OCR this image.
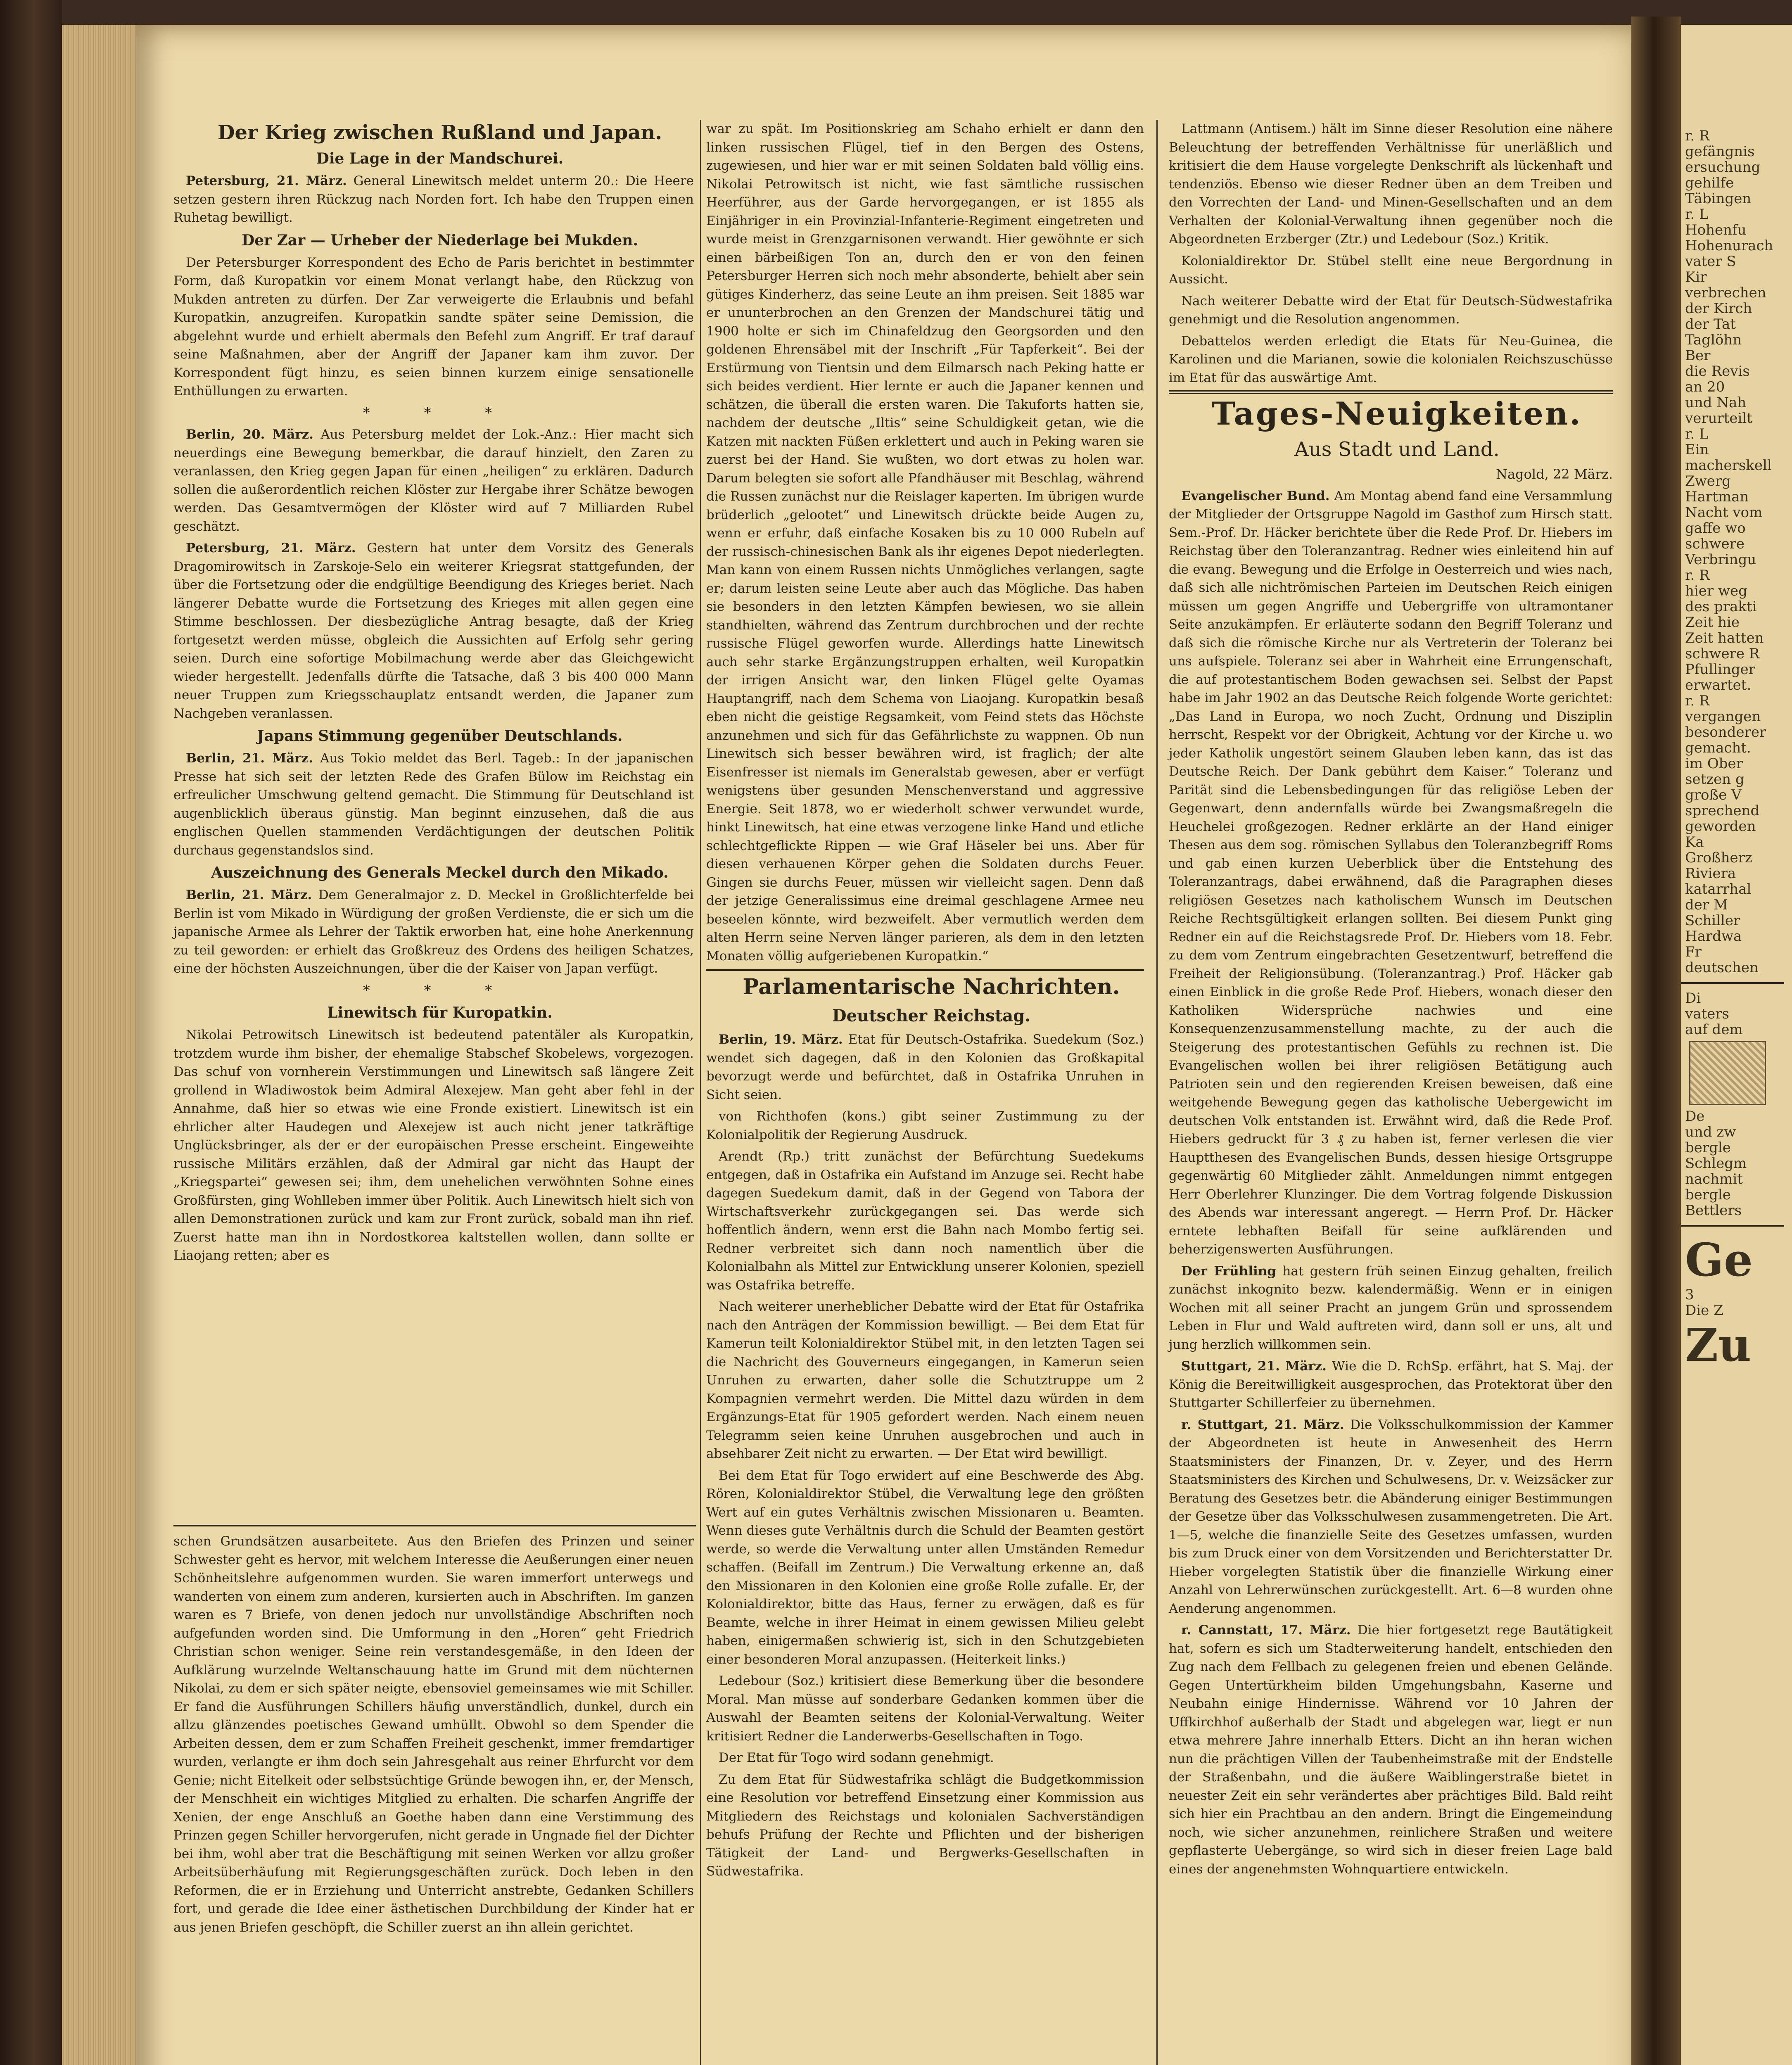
Der Krieg zwischen Rußland und Japan.

Die Lage in der Mandschurei.

Petersburg, 21. März. General Linewitsch meldet unterm 20.: Die Heere setzen gestern ihren Rückzug nach Norden fort. Ich habe den Truppen einen Ruhetag bewilligt.

Der Zar — Urheber der Niederlage bei Mukden.

Der Petersburger Korrespondent des Echo de Paris berichtet in bestimmter Form, daß Kuropatkin vor einem Monat verlangt habe, den Rückzug von Mukden antreten zu dürfen. Der Zar verweigerte die Erlaubnis und befahl Kuropatkin, anzugreifen. Kuropatkin sandte später seine Demission, die abgelehnt wurde und erhielt abermals den Befehl zum Angriff. Er traf darauf seine Maßnahmen, aber der Angriff der Japaner kam ihm zuvor. Der Korrespondent fügt hinzu, es seien binnen kurzem einige sensationelle Enthüllungen zu erwarten.

* * *

Berlin, 20. März. Aus Petersburg meldet der Lok.-Anz.: Hier macht sich neuerdings eine Bewegung bemerkbar, die darauf hinzielt, den Zaren zu veranlassen, den Krieg gegen Japan für einen „heiligen“ zu erklären. Dadurch sollen die außerordentlich reichen Klöster zur Hergabe ihrer Schätze bewogen werden. Das Gesamtvermögen der Klöster wird auf 7 Milliarden Rubel geschätzt.

Petersburg, 21. März. Gestern hat unter dem Vorsitz des Generals Dragomirowitsch in Zarskoje-Selo ein weiterer Kriegsrat stattgefunden, der über die Fortsetzung oder die endgültige Beendigung des Krieges beriet. Nach längerer Debatte wurde die Fortsetzung des Krieges mit allen gegen eine Stimme beschlossen. Der diesbezügliche Antrag besagte, daß der Krieg fortgesetzt werden müsse, obgleich die Aussichten auf Erfolg sehr gering seien. Durch eine sofortige Mobilmachung werde aber das Gleichgewicht wieder hergestellt. Jedenfalls dürfte die Tatsache, daß 3 bis 400 000 Mann neuer Truppen zum Kriegsschauplatz entsandt werden, die Japaner zum Nachgeben veranlassen.

Japans Stimmung gegenüber Deutschlands.

Berlin, 21. März. Aus Tokio meldet das Berl. Tageb.: In der japanischen Presse hat sich seit der letzten Rede des Grafen Bülow im Reichstag ein erfreulicher Umschwung geltend gemacht. Die Stimmung für Deutschland ist augenblicklich überaus günstig. Man beginnt einzusehen, daß die aus englischen Quellen stammenden Verdächtigungen der deutschen Politik durchaus gegenstandslos sind.

Auszeichnung des Generals Meckel durch den Mikado.

Berlin, 21. März. Dem Generalmajor z. D. Meckel in Großlichterfelde bei Berlin ist vom Mikado in Würdigung der großen Verdienste, die er sich um die japanische Armee als Lehrer der Taktik erworben hat, eine hohe Anerkennung zu teil geworden: er erhielt das Großkreuz des Ordens des heiligen Schatzes, eine der höchsten Auszeichnungen, über die der Kaiser von Japan verfügt.

* * *

Linewitsch für Kuropatkin.

Nikolai Petrowitsch Linewitsch ist bedeutend patentäler als Kuropatkin, trotzdem wurde ihm bisher, der ehemalige Stabschef Skobelews, vorgezogen. Das schuf von vornherein Verstimmungen und Linewitsch saß längere Zeit grollend in Wladiwostok beim Admiral Alexejew. Man geht aber fehl in der Annahme, daß hier so etwas wie eine Fronde existiert. Linewitsch ist ein ehrlicher alter Haudegen und Alexejew ist auch nicht jener tatkräftige Unglücksbringer, als der er der europäischen Presse erscheint. Eingeweihte russische Militärs erzählen, daß der Admiral gar nicht das Haupt der „Kriegspartei“ gewesen sei; ihm, dem unehelichen verwöhnten Sohne eines Großfürsten, ging Wohlleben immer über Politik. Auch Linewitsch hielt sich von allen Demonstrationen zurück und kam zur Front zurück, sobald man ihn rief. Zuerst hatte man ihn in Nordostkorea kaltstellen wollen, dann sollte er Liaojang retten; aber es

schen Grundsätzen ausarbeitete. Aus den Briefen des Prinzen und seiner Schwester geht es hervor, mit welchem Interesse die Aeußerungen einer neuen Schönheitslehre aufgenommen wurden. Sie waren immerfort unterwegs und wanderten von einem zum anderen, kursierten auch in Abschriften. Im ganzen waren es 7 Briefe, von denen jedoch nur unvollständige Abschriften noch aufgefunden worden sind. Die Umformung in den „Horen“ geht Friedrich Christian schon weniger. Seine rein verstandesgemäße, in den Ideen der Aufklärung wurzelnde Weltanschauung hatte im Grund mit dem nüchternen Nikolai, zu dem er sich später neigte, ebensoviel gemeinsames wie mit Schiller. Er fand die Ausführungen Schillers häufig unverständlich, dunkel, durch ein allzu glänzendes poetisches Gewand umhüllt. Obwohl so dem Spender die Arbeiten dessen, dem er zum Schaffen Freiheit geschenkt, immer fremdartiger wurden, verlangte er ihm doch sein Jahresgehalt aus reiner Ehrfurcht vor dem Genie; nicht Eitelkeit oder selbstsüchtige Gründe bewogen ihn, er, der Mensch, der Menschheit ein wichtiges Mitglied zu erhalten. Die scharfen Angriffe der Xenien, der enge Anschluß an Goethe haben dann eine Verstimmung des Prinzen gegen Schiller hervorgerufen, nicht gerade in Ungnade fiel der Dichter bei ihm, wohl aber trat die Beschäftigung mit seinen Werken vor allzu großer Arbeitsüberhäufung mit Regierungsgeschäften zurück. Doch leben in den Reformen, die er in Erziehung und Unterricht anstrebte, Gedanken Schillers fort, und gerade die Idee einer ästhetischen Durchbildung der Kinder hat er aus jenen Briefen geschöpft, die Schiller zuerst an ihn allein gerichtet.

war zu spät. Im Positionskrieg am Schaho erhielt er dann den linken russischen Flügel, tief in den Bergen des Ostens, zugewiesen, und hier war er mit seinen Soldaten bald völlig eins. Nikolai Petrowitsch ist nicht, wie fast sämtliche russischen Heerführer, aus der Garde hervorgegangen, er ist 1855 als Einjähriger in ein Provinzial-Infanterie-Regiment eingetreten und wurde meist in Grenzgarnisonen verwandt. Hier gewöhnte er sich einen bärbeißigen Ton an, durch den er von den feinen Petersburger Herren sich noch mehr absonderte, behielt aber sein gütiges Kinderherz, das seine Leute an ihm preisen. Seit 1885 war er ununterbrochen an den Grenzen der Mandschurei tätig und 1900 holte er sich im Chinafeldzug den Georgsorden und den goldenen Ehrensäbel mit der Inschrift „Für Tapferkeit“. Bei der Erstürmung von Tientsin und dem Eilmarsch nach Peking hatte er sich beides verdient. Hier lernte er auch die Japaner kennen und schätzen, die überall die ersten waren. Die Takuforts hatten sie, nachdem der deutsche „Iltis“ seine Schuldigkeit getan, wie die Katzen mit nackten Füßen erklettert und auch in Peking waren sie zuerst bei der Hand. Sie wußten, wo dort etwas zu holen war. Darum belegten sie sofort alle Pfandhäuser mit Beschlag, während die Russen zunächst nur die Reislager kaperten. Im übrigen wurde brüderlich „gelootet“ und Linewitsch drückte beide Augen zu, wenn er erfuhr, daß einfache Kosaken bis zu 10 000 Rubeln auf der russisch-chinesischen Bank als ihr eigenes Depot niederlegten. Man kann von einem Russen nichts Unmögliches verlangen, sagte er; darum leisten seine Leute aber auch das Mögliche. Das haben sie besonders in den letzten Kämpfen bewiesen, wo sie allein standhielten, während das Zentrum durchbrochen und der rechte russische Flügel geworfen wurde. Allerdings hatte Linewitsch auch sehr starke Ergänzungstruppen erhalten, weil Kuropatkin der irrigen Ansicht war, den linken Flügel gelte Oyamas Hauptangriff, nach dem Schema von Liaojang. Kuropatkin besaß eben nicht die geistige Regsamkeit, vom Feind stets das Höchste anzunehmen und sich für das Gefährlichste zu wappnen. Ob nun Linewitsch sich besser bewähren wird, ist fraglich; der alte Eisenfresser ist niemals im Generalstab gewesen, aber er verfügt wenigstens über gesunden Menschenverstand und aggressive Energie. Seit 1878, wo er wiederholt schwer verwundet wurde, hinkt Linewitsch, hat eine etwas verzogene linke Hand und etliche schlechtgeflickte Rippen — wie Graf Häseler bei uns. Aber für diesen verhauenen Körper gehen die Soldaten durchs Feuer. Gingen sie durchs Feuer, müssen wir vielleicht sagen. Denn daß der jetzige Generalissimus eine dreimal geschlagene Armee neu beseelen könnte, wird bezweifelt. Aber vermutlich werden dem alten Herrn seine Nerven länger parieren, als dem in den letzten Monaten völlig aufgeriebenen Kuropatkin.“

Parlamentarische Nachrichten.

Deutscher Reichstag.

Berlin, 19. März. Etat für Deutsch-Ostafrika. Suedekum (Soz.) wendet sich dagegen, daß in den Kolonien das Großkapital bevorzugt werde und befürchtet, daß in Ostafrika Unruhen in Sicht seien.

von Richthofen (kons.) gibt seiner Zustimmung zu der Kolonialpolitik der Regierung Ausdruck.

Arendt (Rp.) tritt zunächst der Befürchtung Suedekums entgegen, daß in Ostafrika ein Aufstand im Anzuge sei. Recht habe dagegen Suedekum damit, daß in der Gegend von Tabora der Wirtschaftsverkehr zurückgegangen sei. Das werde sich hoffentlich ändern, wenn erst die Bahn nach Mombo fertig sei. Redner verbreitet sich dann noch namentlich über die Kolonialbahn als Mittel zur Entwicklung unserer Kolonien, speziell was Ostafrika betreffe.

Nach weiterer unerheblicher Debatte wird der Etat für Ostafrika nach den Anträgen der Kommission bewilligt. — Bei dem Etat für Kamerun teilt Kolonialdirektor Stübel mit, in den letzten Tagen sei die Nachricht des Gouverneurs eingegangen, in Kamerun seien Unruhen zu erwarten, daher solle die Schutztruppe um 2 Kompagnien vermehrt werden. Die Mittel dazu würden in dem Ergänzungs-Etat für 1905 gefordert werden. Nach einem neuen Telegramm seien keine Unruhen ausgebrochen und auch in absehbarer Zeit nicht zu erwarten. — Der Etat wird bewilligt.

Bei dem Etat für Togo erwidert auf eine Beschwerde des Abg. Rören, Kolonialdirektor Stübel, die Verwaltung lege den größten Wert auf ein gutes Verhältnis zwischen Missionaren u. Beamten. Wenn dieses gute Verhältnis durch die Schuld der Beamten gestört werde, so werde die Verwaltung unter allen Umständen Remedur schaffen. (Beifall im Zentrum.) Die Verwaltung erkenne an, daß den Missionaren in den Kolonien eine große Rolle zufalle. Er, der Kolonialdirektor, bitte das Haus, ferner zu erwägen, daß es für Beamte, welche in ihrer Heimat in einem gewissen Milieu gelebt haben, einigermaßen schwierig ist, sich in den Schutzgebieten einer besonderen Moral anzupassen. (Heiterkeit links.)

Ledebour (Soz.) kritisiert diese Bemerkung über die besondere Moral. Man müsse auf sonderbare Gedanken kommen über die Auswahl der Beamten seitens der Kolonial-Verwaltung. Weiter kritisiert Redner die Landerwerbs-Gesellschaften in Togo.

Der Etat für Togo wird sodann genehmigt.

Zu dem Etat für Südwestafrika schlägt die Budgetkommission eine Resolution vor betreffend Einsetzung einer Kommission aus Mitgliedern des Reichstags und kolonialen Sachverständigen behufs Prüfung der Rechte und Pflichten und der bisherigen Tätigkeit der Land- und Bergwerks-Gesellschaften in Südwestafrika.

Lattmann (Antisem.) hält im Sinne dieser Resolution eine nähere Beleuchtung der betreffenden Verhältnisse für unerläßlich und kritisiert die dem Hause vorgelegte Denkschrift als lückenhaft und tendenziös. Ebenso wie dieser Redner üben an dem Treiben und den Vorrechten der Land- und Minen-Gesellschaften und an dem Verhalten der Kolonial-Verwaltung ihnen gegenüber noch die Abgeordneten Erzberger (Ztr.) und Ledebour (Soz.) Kritik.

Kolonialdirektor Dr. Stübel stellt eine neue Bergordnung in Aussicht.

Nach weiterer Debatte wird der Etat für Deutsch-Südwestafrika genehmigt und die Resolution angenommen.

Debattelos werden erledigt die Etats für Neu-Guinea, die Karolinen und die Marianen, sowie die kolonialen Reichszuschüsse im Etat für das auswärtige Amt.

Tages-Neuigkeiten.

Aus Stadt und Land.

Nagold, 22 März.

Evangelischer Bund. Am Montag abend fand eine Versammlung der Mitglieder der Ortsgruppe Nagold im Gasthof zum Hirsch statt. Sem.-Prof. Dr. Häcker berichtete über die Rede Prof. Dr. Hiebers im Reichstag über den Toleranzantrag. Redner wies einleitend hin auf die evang. Bewegung und die Erfolge in Oesterreich und wies nach, daß sich alle nichtrömischen Parteien im Deutschen Reich einigen müssen um gegen Angriffe und Uebergriffe von ultramontaner Seite anzukämpfen. Er erläuterte sodann den Begriff Toleranz und daß sich die römische Kirche nur als Vertreterin der Toleranz bei uns aufspiele. Toleranz sei aber in Wahrheit eine Errungenschaft, die auf protestantischem Boden gewachsen sei. Selbst der Papst habe im Jahr 1902 an das Deutsche Reich folgende Worte gerichtet: „Das Land in Europa, wo noch Zucht, Ordnung und Disziplin herrscht, Respekt vor der Obrigkeit, Achtung vor der Kirche u. wo jeder Katholik ungestört seinem Glauben leben kann, das ist das Deutsche Reich. Der Dank gebührt dem Kaiser.“ Toleranz und Parität sind die Lebensbedingungen für das religiöse Leben der Gegenwart, denn andernfalls würde bei Zwangsmaßregeln die Heuchelei großgezogen. Redner erklärte an der Hand einiger Thesen aus dem sog. römischen Syllabus den Toleranzbegriff Roms und gab einen kurzen Ueberblick über die Entstehung des Toleranzantrags, dabei erwähnend, daß die Paragraphen dieses religiösen Gesetzes nach katholischem Wunsch im Deutschen Reiche Rechtsgültigkeit erlangen sollten. Bei diesem Punkt ging Redner ein auf die Reichstagsrede Prof. Dr. Hiebers vom 18. Febr. zu dem vom Zentrum eingebrachten Gesetzentwurf, betreffend die Freiheit der Religionsübung. (Toleranzantrag.) Prof. Häcker gab einen Einblick in die große Rede Prof. Hiebers, wonach dieser den Katholiken Widersprüche nachwies und eine Konsequenzenzusammenstellung machte, zu der auch die Steigerung des protestantischen Gefühls zu rechnen ist. Die Evangelischen wollen bei ihrer religiösen Betätigung auch Patrioten sein und den regierenden Kreisen beweisen, daß eine weitgehende Bewegung gegen das katholische Uebergewicht im deutschen Volk entstanden ist. Erwähnt wird, daß die Rede Prof. Hiebers gedruckt für 3 ₰ zu haben ist, ferner verlesen die vier Hauptthesen des Evangelischen Bunds, dessen hiesige Ortsgruppe gegenwärtig 60 Mitglieder zählt. Anmeldungen nimmt entgegen Herr Oberlehrer Klunzinger. Die dem Vortrag folgende Diskussion des Abends war interessant angeregt. — Herrn Prof. Dr. Häcker erntete lebhaften Beifall für seine aufklärenden und beherzigenswerten Ausführungen.

Der Frühling hat gestern früh seinen Einzug gehalten, freilich zunächst inkognito bezw. kalendermäßig. Wenn er in einigen Wochen mit all seiner Pracht an jungem Grün und sprossendem Leben in Flur und Wald auftreten wird, dann soll er uns, alt und jung herzlich willkommen sein.

Stuttgart, 21. März. Wie die D. RchSp. erfährt, hat S. Maj. der König die Bereitwilligkeit ausgesprochen, das Protektorat über den Stuttgarter Schillerfeier zu übernehmen.

r. Stuttgart, 21. März. Die Volksschulkommission der Kammer der Abgeordneten ist heute in Anwesenheit des Herrn Staatsministers der Finanzen, Dr. v. Zeyer, und des Herrn Staatsministers des Kirchen und Schulwesens, Dr. v. Weizsäcker zur Beratung des Gesetzes betr. die Abänderung einiger Bestimmungen der Gesetze über das Volksschulwesen zusammengetreten. Die Art. 1—5, welche die finanzielle Seite des Gesetzes umfassen, wurden bis zum Druck einer von dem Vorsitzenden und Berichterstatter Dr. Hieber vorgelegten Statistik über die finanzielle Wirkung einer Anzahl von Lehrerwünschen zurückgestellt. Art. 6—8 wurden ohne Aenderung angenommen.

r. Cannstatt, 17. März. Die hier fortgesetzt rege Bautätigkeit hat, sofern es sich um Stadterweiterung handelt, entschieden den Zug nach dem Fellbach zu gelegenen freien und ebenen Gelände. Gegen Untertürkheim bilden Umgehungsbahn, Kaserne und Neubahn einige Hindernisse. Während vor 10 Jahren der Uffkirchhof außerhalb der Stadt und abgelegen war, liegt er nun etwa mehrere Jahre innerhalb Etters. Dicht an ihn heran wichen nun die prächtigen Villen der Taubenheimstraße mit der Endstelle der Straßenbahn, und die äußere Waiblingerstraße bietet in neuester Zeit ein sehr verändertes aber prächtiges Bild. Bald reiht sich hier ein Prachtbau an den andern. Bringt die Eingemeindung noch, wie sicher anzunehmen, reinlichere Straßen und weitere gepflasterte Uebergänge, so wird sich in dieser freien Lage bald eines der angenehmsten Wohnquartiere entwickeln.

r. R
gefängnis
ersuchung
gehilfe
Täbingen
r. L
Hohenfu
Hohenurach
vater S
Kir
verbrechen
der Kirch
der Tat
Taglöhn
Ber
die Revis
an 20
und Nah
verurteilt
r. L
Ein
macherskell
Zwerg
Hartman
Nacht vom
gaffe wo
schwere
Verbringu
r. R
hier weg
des prakti
Zeit hie
Zeit hatten
schwere R
Pfullinger
erwartet.
r. R
vergangen
besonderer
gemacht.
im Ober
setzen g
große V
sprechend
geworden
Ka
Großherz
Riviera
katarrhal
der M
Schiller
Hardwa
Fr
deutschen
Di
vaters
auf dem
De
und zw
bergle
Schlegm
nachmit
bergle
Bettlers
Ge
3
Die Z
Zu
